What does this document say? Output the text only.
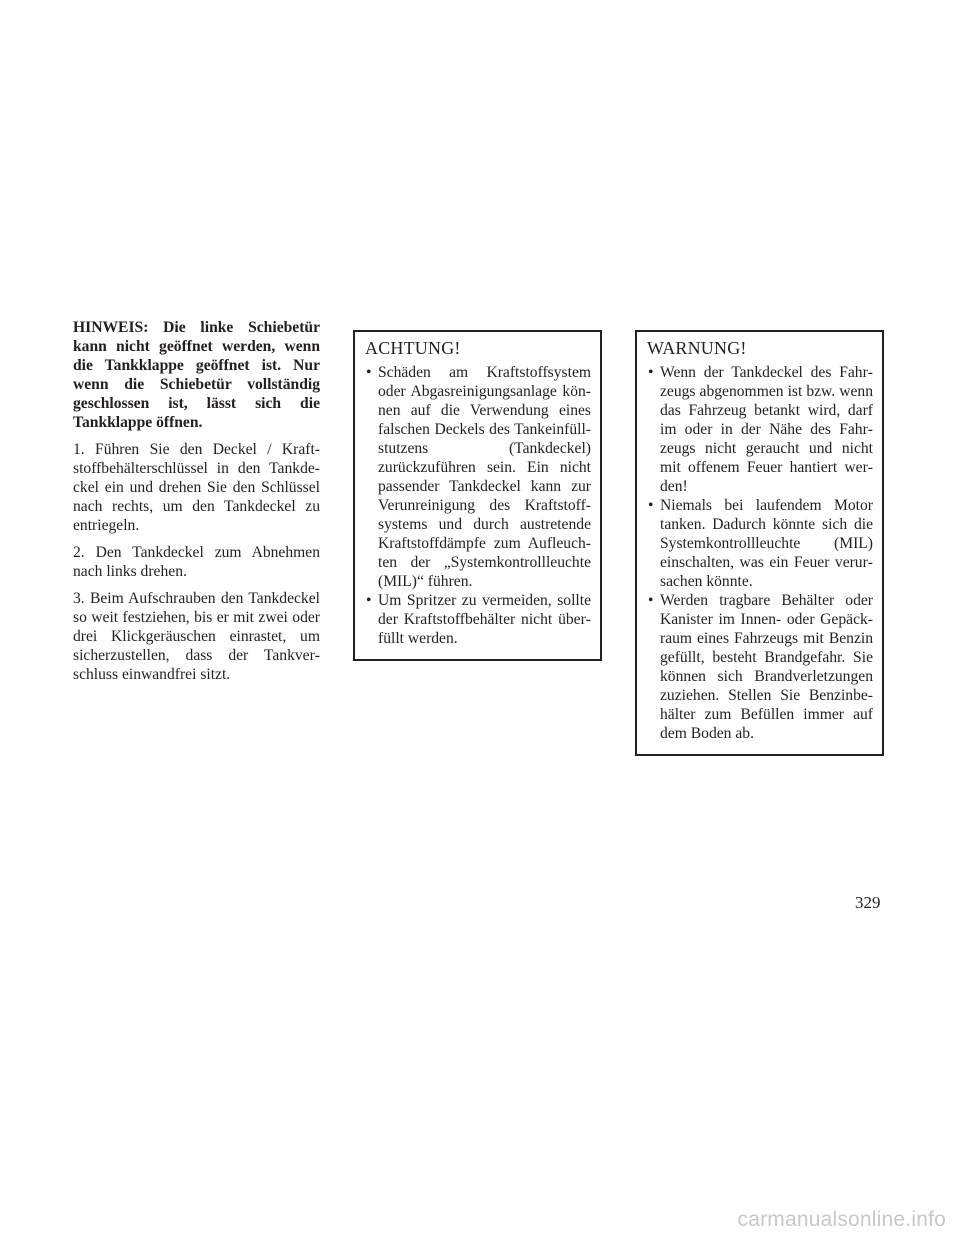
HINWEIS: Die linke Schiebetür kann nicht geöffnet werden, wenn die Tankklappe geöffnet ist. Nur wenn die Schiebetür vollständig geschlossen ist, lässt sich die Tankklappe öffnen.

1. Führen Sie den Deckel / Kraftstoffbehälterschlüssel in den Tankdeckel ein und drehen Sie den Schlüssel nach rechts, um den Tankdeckel zu entriegeln.

2. Den Tankdeckel zum Abnehmen nach links drehen.

3. Beim Aufschrauben den Tankdeckel so weit festziehen, bis er mit zwei oder drei Klickgeräuschen einrastet, um sicherzustellen, dass der Tankverschluss einwandfrei sitzt.

ACHTUNG!
• Schäden am Kraftstoffsystem oder Abgasreinigungsanlage können auf die Verwendung eines falschen Deckels des Tankeinfüllstutzens (Tankdeckel) zurückzuführen sein. Ein nicht passender Tankdeckel kann zur Verunreinigung des Kraftstoffsystems und durch austretende Kraftstoffdämpfe zum Aufleuchten der „Systemkontrollleuchte (MIL)“ führen.
• Um Spritzer zu vermeiden, sollte der Kraftstoffbehälter nicht überfüllt werden.
WARNUNG!
• Wenn der Tankdeckel des Fahrzeugs abgenommen ist bzw. wenn das Fahrzeug betankt wird, darf im oder in der Nähe des Fahrzeugs nicht geraucht und nicht mit offenem Feuer hantiert werden!
• Niemals bei laufendem Motor tanken. Dadurch könnte sich die Systemkontrollleuchte (MIL) einschalten, was ein Feuer verursachen könnte.
• Werden tragbare Behälter oder Kanister im Innen- oder Gepäckraum eines Fahrzeugs mit Benzin gefüllt, besteht Brandgefahr. Sie können sich Brandverletzungen zuziehen. Stellen Sie Benzinbehälter zum Befüllen immer auf dem Boden ab.
329
carmanualsonline.info
